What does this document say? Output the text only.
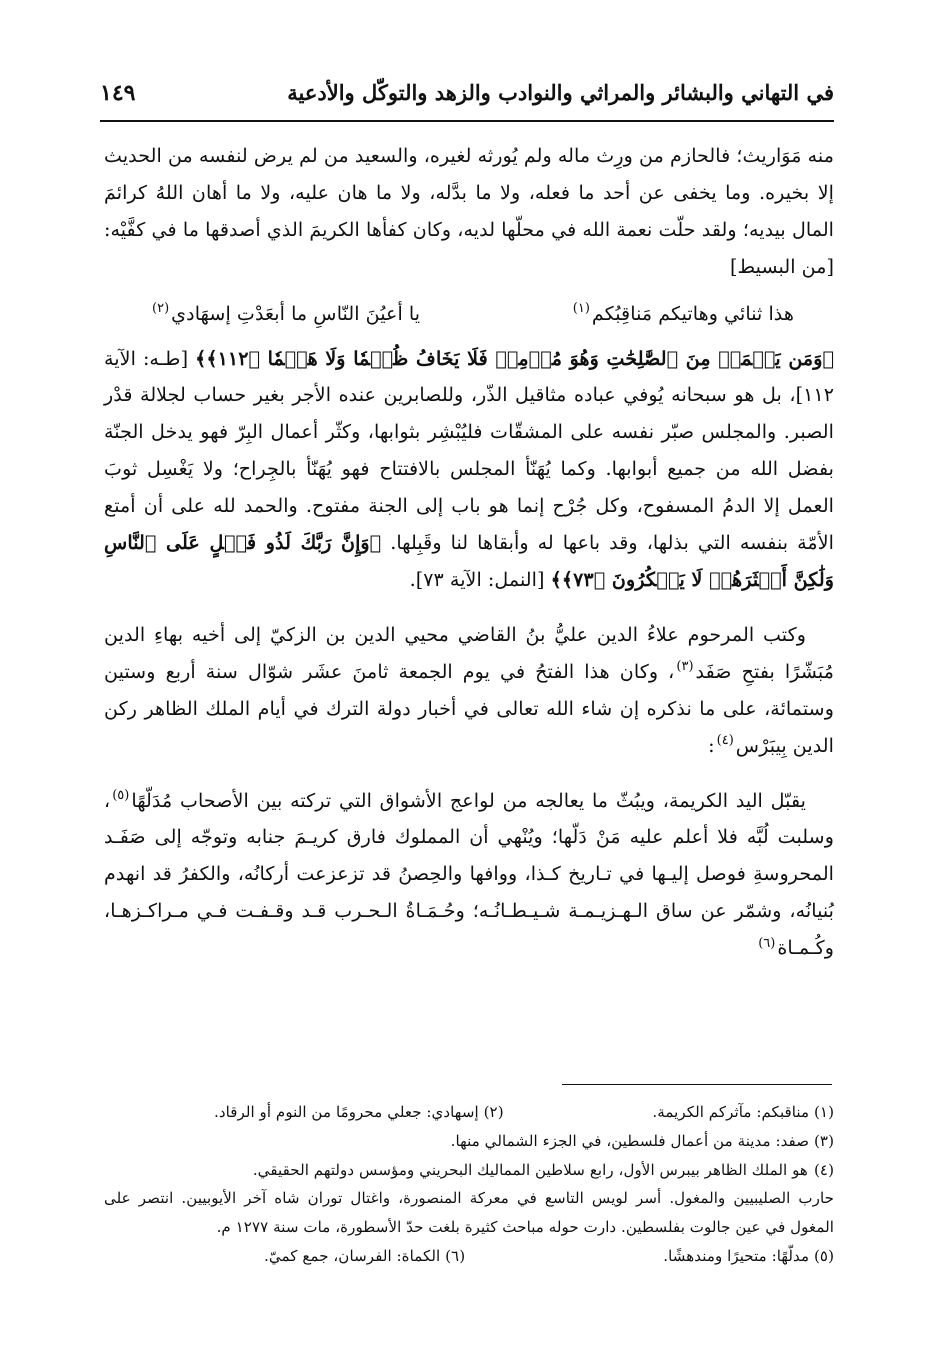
في التهاني والبشائر والمراثي والنوادب والزهد والتوكّل والأدعية
١٤٩

منه مَوَاريث؛ فالحازم من ورِث ماله ولم يُورثه لغيره، والسعيد من لم يرض لنفسه من الحديث إلا بخيره. وما يخفى عن أحد ما فعله، ولا ما بدَّله، ولا ما هان عليه، ولا ما أهان اللهُ كرائمَ المال بيديه؛ ولقد حلّت نعمة الله في محلّها لديه، وكان كفأها الكريمَ الذي أصدقها ما في كفَّيْه: [من البسيط]

هذا ثنائي وهاتيكم مَناقِبُكم$^{(١)}$
يا أعيُنَ النّاسِ ما أبعَدْتِ إسهَادي$^{(٢)}$

﴿وَمَن يَعۡمَلۡ مِنَ ٱلصَّٰلِحَٰتِ وَهُوَ مُؤۡمِنٞ فَلَا يَخَافُ ظُلۡمٗا وَلَا هَضۡمٗا ﴿١١٢﴾﴾ [طـه: الآية ١١٢]، بل هو سبحانه يُوفي عباده مثاقيل الذّر، وللصابرين عنده الأجر بغير حساب لجلالة قدْر الصبر. والمجلس صبّر نفسه على المشقّات فليُبْشِر بثوابها، وكثّر أعمال البِرّ فهو يدخل الجنّة بفضل الله من جميع أبوابها. وكما يُهَنّأ المجلس بالافتتاح فهو يُهَنّأ بالجِراح؛ ولا يَغْسِل ثوبَ العمل إلا الدمُ المسفوح، وكل جُرْح إنما هو باب إلى الجنة مفتوح. والحمد لله على أن أمتع الأمّة بنفسه التي بذلها، وقد باعها له وأبقاها لنا وقَبِلها. ﴿وَإِنَّ رَبَّكَ لَذُو فَضۡلٍ عَلَى ٱلنَّاسِ وَلَٰكِنَّ أَكۡثَرَهُمۡ لَا يَشۡكُرُونَ ﴿٧٣﴾﴾ [النمل: الآية ٧٣].

وكتب المرحوم علاءُ الدين عليُّ بنُ القاضي محيي الدين بن الزكيّ إلى أخيه بهاءِ الدين مُبَشّرًا بفتحِ صَفَد$^{(٣)}$، وكان هذا الفتحُ في يوم الجمعة ثامنَ عشَر شوّال سنة أربع وستين وستمائة، على ما نذكره إن شاء الله تعالى في أخبار دولة الترك في أيام الملك الظاهر ركن الدين بِيبَرْس$^{(٤)}$:

يقبّل اليد الكريمة، ويبُثّ ما يعالجه من لواعج الأشواق التي تركته بين الأصحاب مُدَلّهًا$^{(٥)}$، وسلبت لُبَّه فلا أعلم عليه مَنْ دَلّها؛ ويُنْهي أن المملوك فارق كريـمَ جنابه وتوجّه إلى صَفَـد المحروسةِ فوصل إليـها في تـاريخ كـذا، ووافها والحِصنُ قد تزعزعت أركانُه، والكفرُ قد انهدم بُنيانُه، وشمّر عن ساق الـهـزيـمـة شـيـطـانُـه؛ وحُـمَـاةُ الـحـرب قـد وقـفـت فـي مـراكـزهـا، وكُـمـاة$^{(٦)}$

(١) مناقبكم: مآثركم الكريمة.
(٢) إسهادي: جعلي محرومًا من النوم أو الرقاد.

(٣) صفد: مدينة من أعمال فلسطين، في الجزء الشمالي منها.

(٤)هو الملك الظاهر بيبرس الأول، رابع سلاطين المماليك البحريني ومؤسس دولتهم الحقيقي.

حارب الصليبيين والمغول. أسر لويس التاسع في معركة المنصورة، واغتال توران شاه آخر الأيوبيين. انتصر على المغول في عين جالوت بفلسطين. دارت حوله مباحث كثيرة بلغت حدّ الأسطورة، مات سنة ١٢٧٧ م.

(٥) مدلّهًا: متحيرًا ومندهشًا.
(٦) الكماة: الفرسان، جمع كميّ.
